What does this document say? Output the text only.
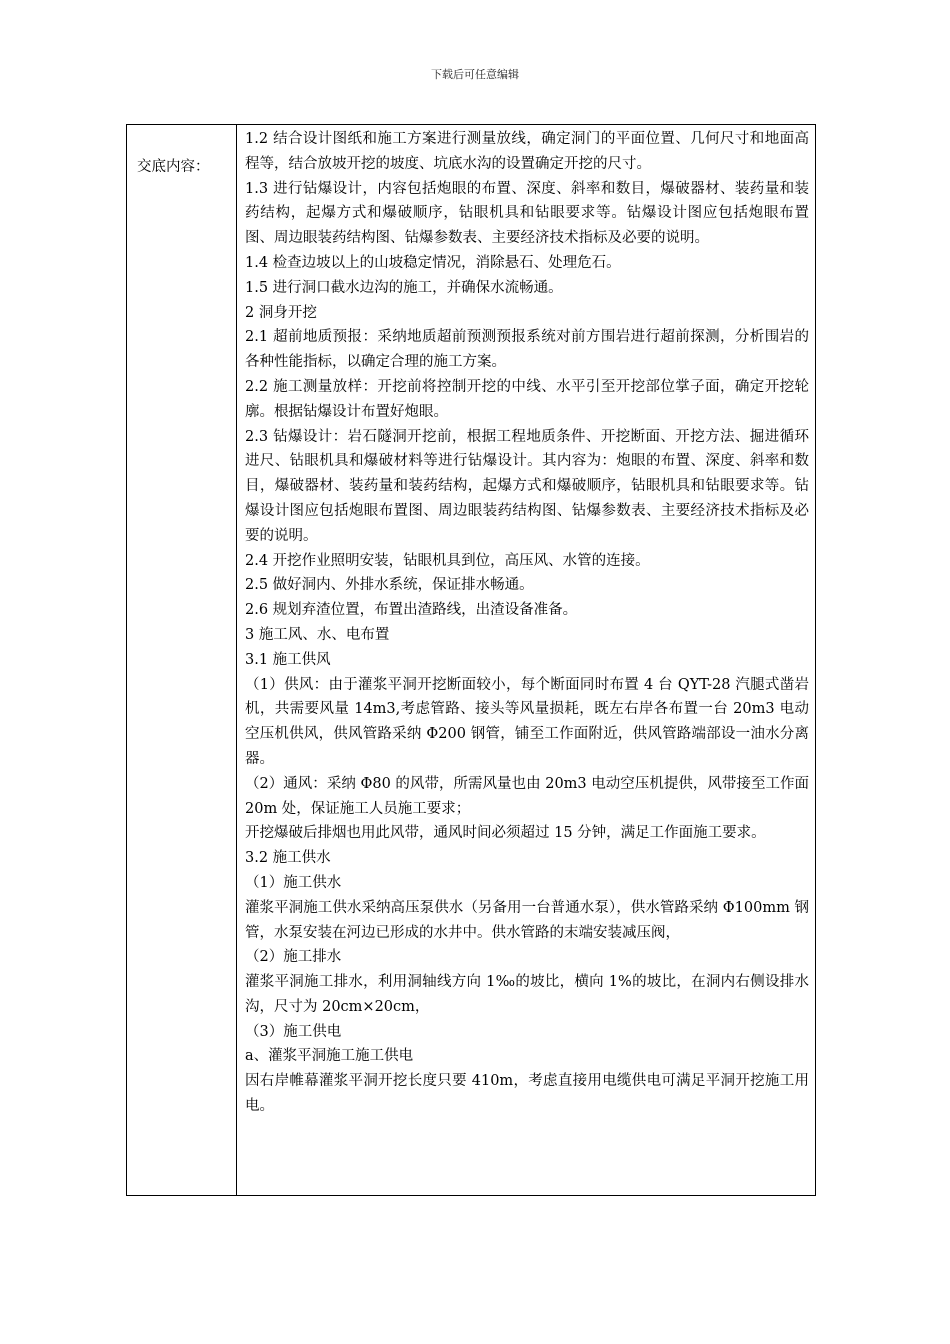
下载后可任意编辑
交底内容：

1.2 结合设计图纸和施工方案进行测量放线，确定洞门的平面位置、几何尺寸和地面高程等，结合放坡开挖的坡度、坑底水沟的设置确定开挖的尺寸。

1.3 进行钻爆设计，内容包括炮眼的布置、深度、斜率和数目，爆破器材、装药量和装药结构，起爆方式和爆破顺序，钻眼机具和钻眼要求等。钻爆设计图应包括炮眼布置图、周边眼装药结构图、钻爆参数表、主要经济技术指标及必要的说明。

1.4 检查边坡以上的山坡稳定情况，消除悬石、处理危石。

1.5 进行洞口截水边沟的施工，并确保水流畅通。

2 洞身开挖

2.1 超前地质预报：采纳地质超前预测预报系统对前方围岩进行超前探测，分析围岩的各种性能指标，以确定合理的施工方案。

2.2 施工测量放样：开挖前将控制开挖的中线、水平引至开挖部位掌子面，确定开挖轮廓。根据钻爆设计布置好炮眼。

2.3 钻爆设计：岩石隧洞开挖前，根据工程地质条件、开挖断面、开挖方法、掘进循环进尺、钻眼机具和爆破材料等进行钻爆设计。其内容为：炮眼的布置、深度、斜率和数目，爆破器材、装药量和装药结构，起爆方式和爆破顺序，钻眼机具和钻眼要求等。钻爆设计图应包括炮眼布置图、周边眼装药结构图、钻爆参数表、主要经济技术指标及必要的说明。

2.4 开挖作业照明安装，钻眼机具到位，高压风、水管的连接。

2.5 做好洞内、外排水系统，保证排水畅通。

2.6 规划弃渣位置，布置出渣路线，出渣设备准备。

3 施工风、水、电布置

3.1 施工供风

（1）供风：由于灌浆平洞开挖断面较小，每个断面同时布置 4 台 QYT-28 汽腿式凿岩机，共需要风量 14m3,考虑管路、接头等风量损耗，既左右岸各布置一台 20m3 电动空压机供风，供风管路采纳 Φ200 钢管，铺至工作面附近，供风管路端部设一油水分离器。

（2）通风：采纳 Φ80 的风带，所需风量也由 20m3 电动空压机提供，风带接至工作面 20m 处，保证施工人员施工要求；

开挖爆破后排烟也用此风带，通风时间必须超过 15 分钟，满足工作面施工要求。

3.2 施工供水

（1）施工供水

灌浆平洞施工供水采纳高压泵供水（另备用一台普通水泵），供水管路采纳 Φ100mm 钢管，水泵安装在河边已形成的水井中。供水管路的末端安装减压阀，

（2）施工排水

灌浆平洞施工排水，利用洞轴线方向 1‰的坡比，横向 1%的坡比，在洞内右侧设排水沟，尺寸为 20cm×20cm，

（3）施工供电

a、灌浆平洞施工施工供电

因右岸帷幕灌浆平洞开挖长度只要 410m，考虑直接用电缆供电可满足平洞开挖施工用电。
